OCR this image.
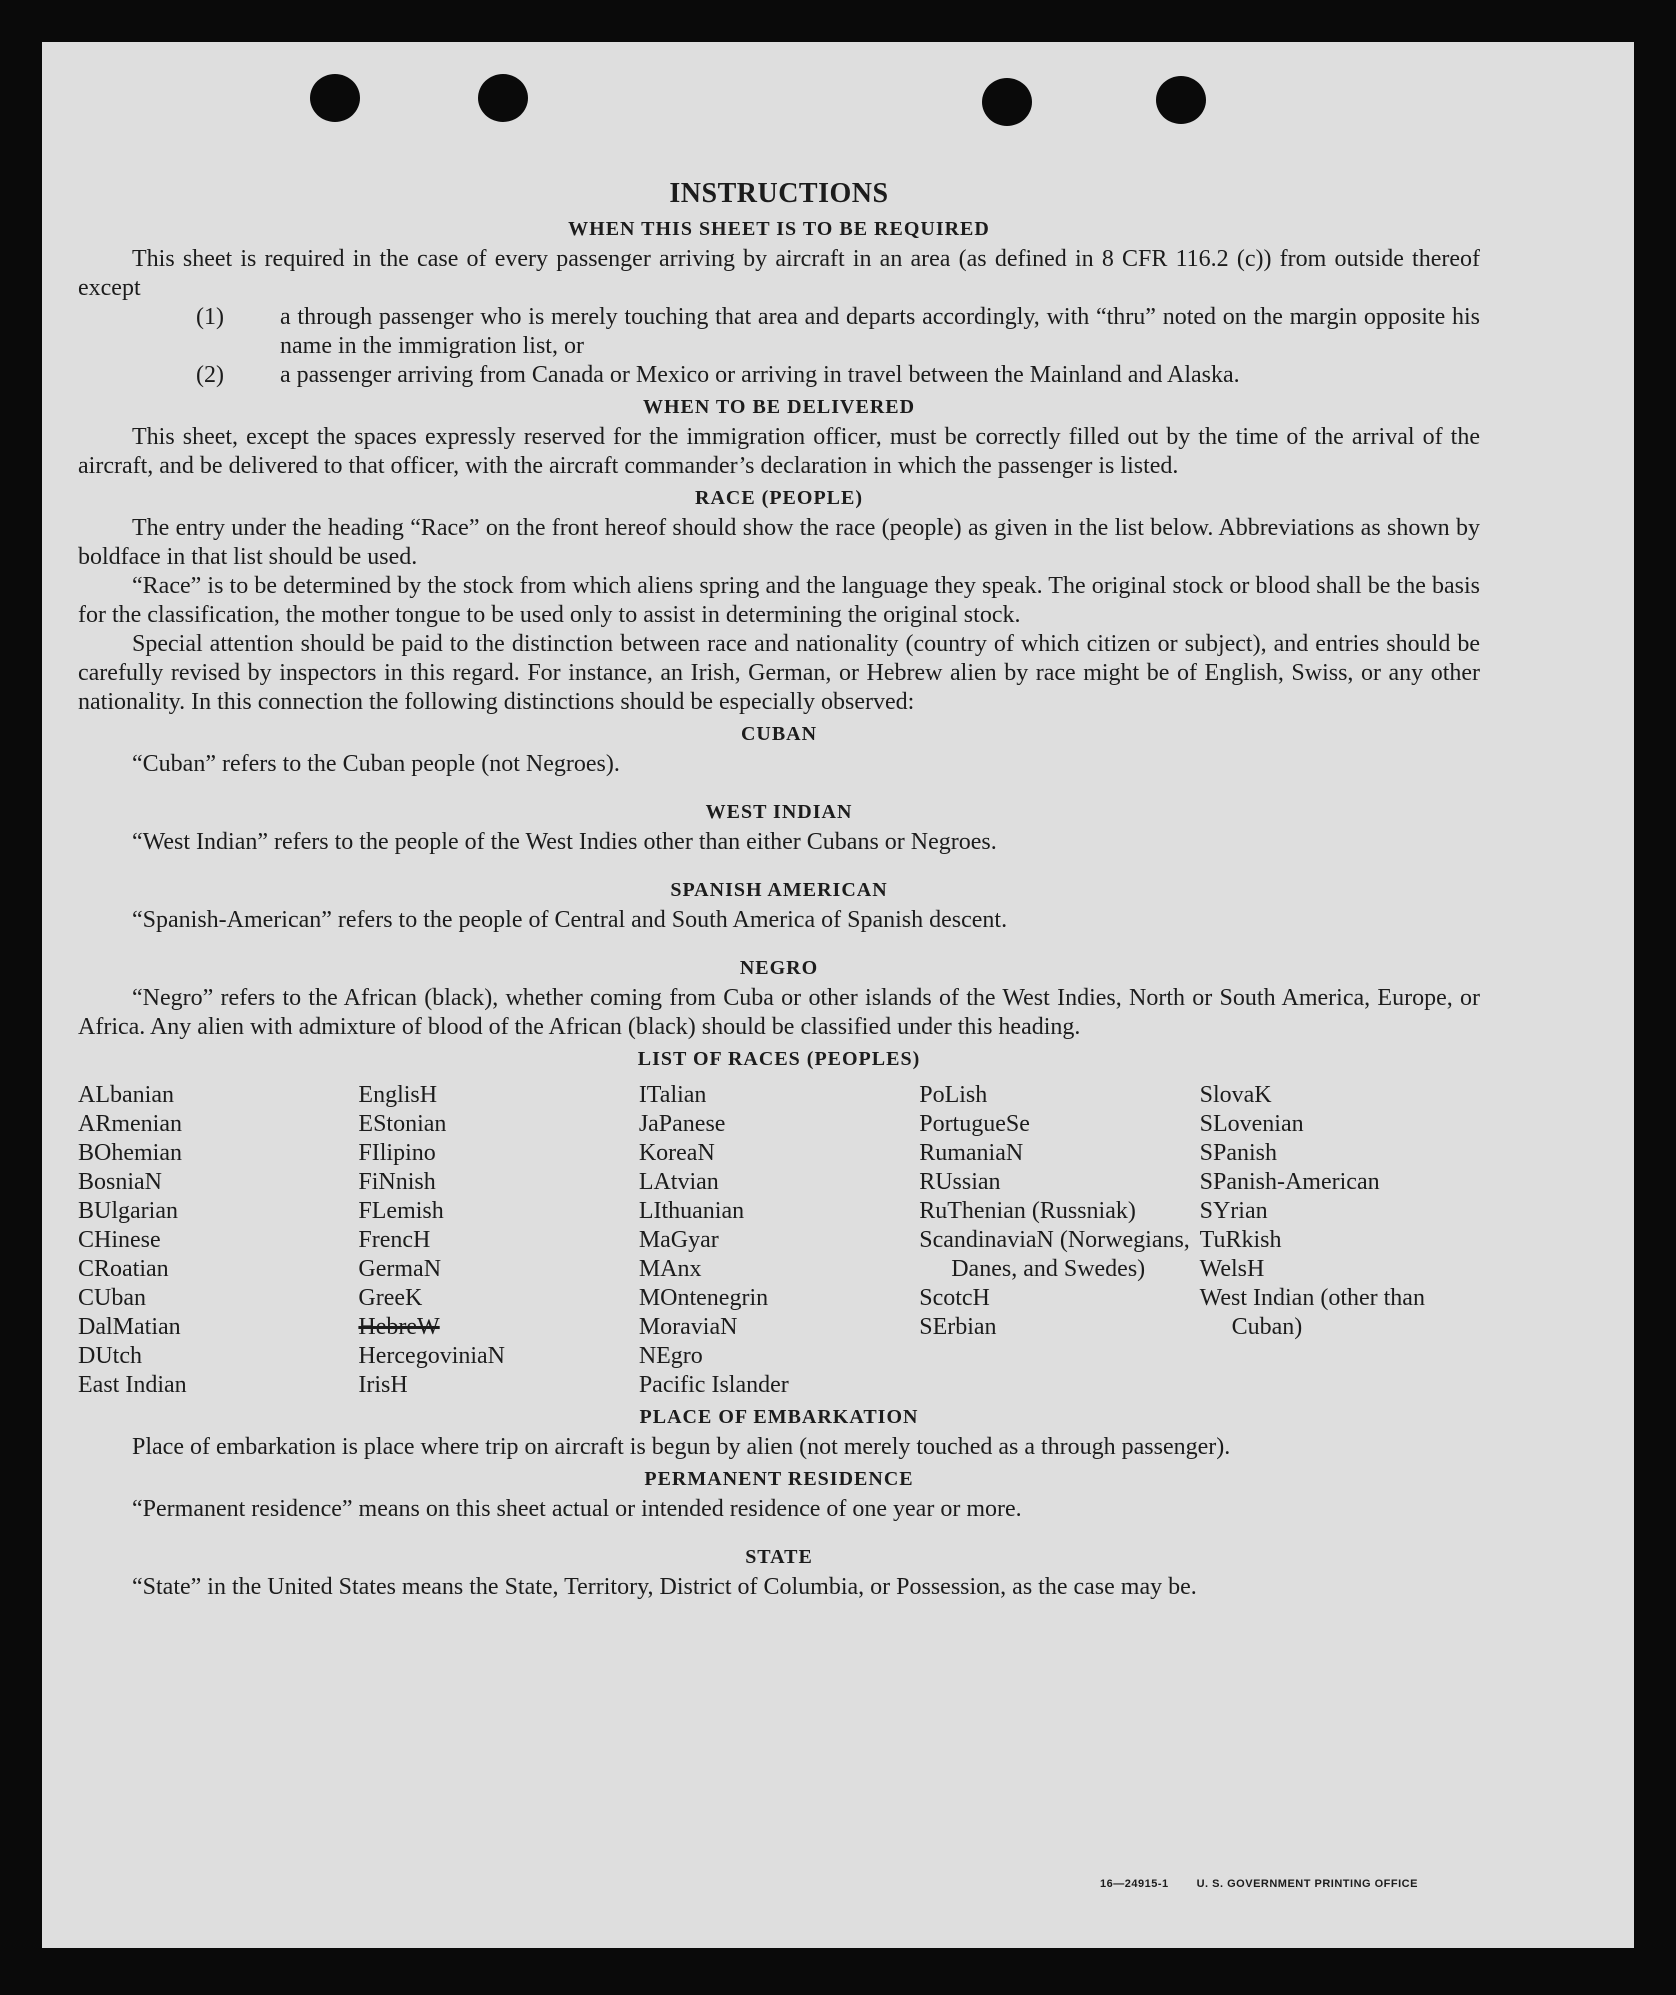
INSTRUCTIONS
WHEN THIS SHEET IS TO BE REQUIRED

This sheet is required in the case of every passenger arriving by aircraft in an area (as defined in 8 CFR 116.2 (c)) from outside thereof except

(1) a through passenger who is merely touching that area and departs accordingly, with “thru” noted on the margin opposite his name in the immigration list, or
(2) a passenger arriving from Canada or Mexico or arriving in travel between the Mainland and Alaska.
WHEN TO BE DELIVERED

This sheet, except the spaces expressly reserved for the immigration officer, must be correctly filled out by the time of the arrival of the aircraft, and be delivered to that officer, with the aircraft commander’s declaration in which the passenger is listed.

RACE (PEOPLE)

The entry under the heading “Race” on the front hereof should show the race (people) as given in the list below. Abbreviations as shown by boldface in that list should be used.

“Race” is to be determined by the stock from which aliens spring and the language they speak. The original stock or blood shall be the basis for the classification, the mother tongue to be used only to assist in determining the original stock.

Special attention should be paid to the distinction between race and nationality (country of which citizen or subject), and entries should be carefully revised by inspectors in this regard. For instance, an Irish, German, or Hebrew alien by race might be of English, Swiss, or any other nationality. In this connection the following distinctions should be especially observed:

CUBAN

“Cuban” refers to the Cuban people (not Negroes).

WEST INDIAN

“West Indian” refers to the people of the West Indies other than either Cubans or Negroes.

SPANISH AMERICAN

“Spanish-American” refers to the people of Central and South America of Spanish descent.

NEGRO

“Negro” refers to the African (black), whether coming from Cuba or other islands of the West Indies, North or South America, Europe, or Africa. Any alien with admixture of blood of the African (black) should be classified under this heading.

LIST OF RACES (PEOPLES)
ALbanian
ARmenian
BOhemian
BosniaN
BUlgarian
CHinese
CRoatian
CUban
DalMatian
DUtch
East Indian
EnglisH
EStonian
FIlipino
FiNnish
FLemish
FrencH
GermaN
GreeK
HebreW
HercegoviniaN
IrisH
ITalian
JaPanese
KoreaN
LAtvian
LIthuanian
MaGyar
MAnx
MOntenegrin
MoraviaN
NEgro
Pacific Islander
PoLish
PortugueSe
RumaniaN
RUssian
RuThenian (Russniak)
ScandinaviaN (Norwegians, Danes, and Swedes)
ScotcH
SErbian
SlovaK
SLovenian
SPanish
SPanish-American
SYrian
TuRkish
WelsH
West Indian (other than Cuban)
PLACE OF EMBARKATION

Place of embarkation is place where trip on aircraft is begun by alien (not merely touched as a through passenger).

PERMANENT RESIDENCE

“Permanent residence” means on this sheet actual or intended residence of one year or more.

STATE

“State” in the United States means the State, Territory, District of Columbia, or Possession, as the case may be.

16—24915-1	U. S. GOVERNMENT PRINTING OFFICE
